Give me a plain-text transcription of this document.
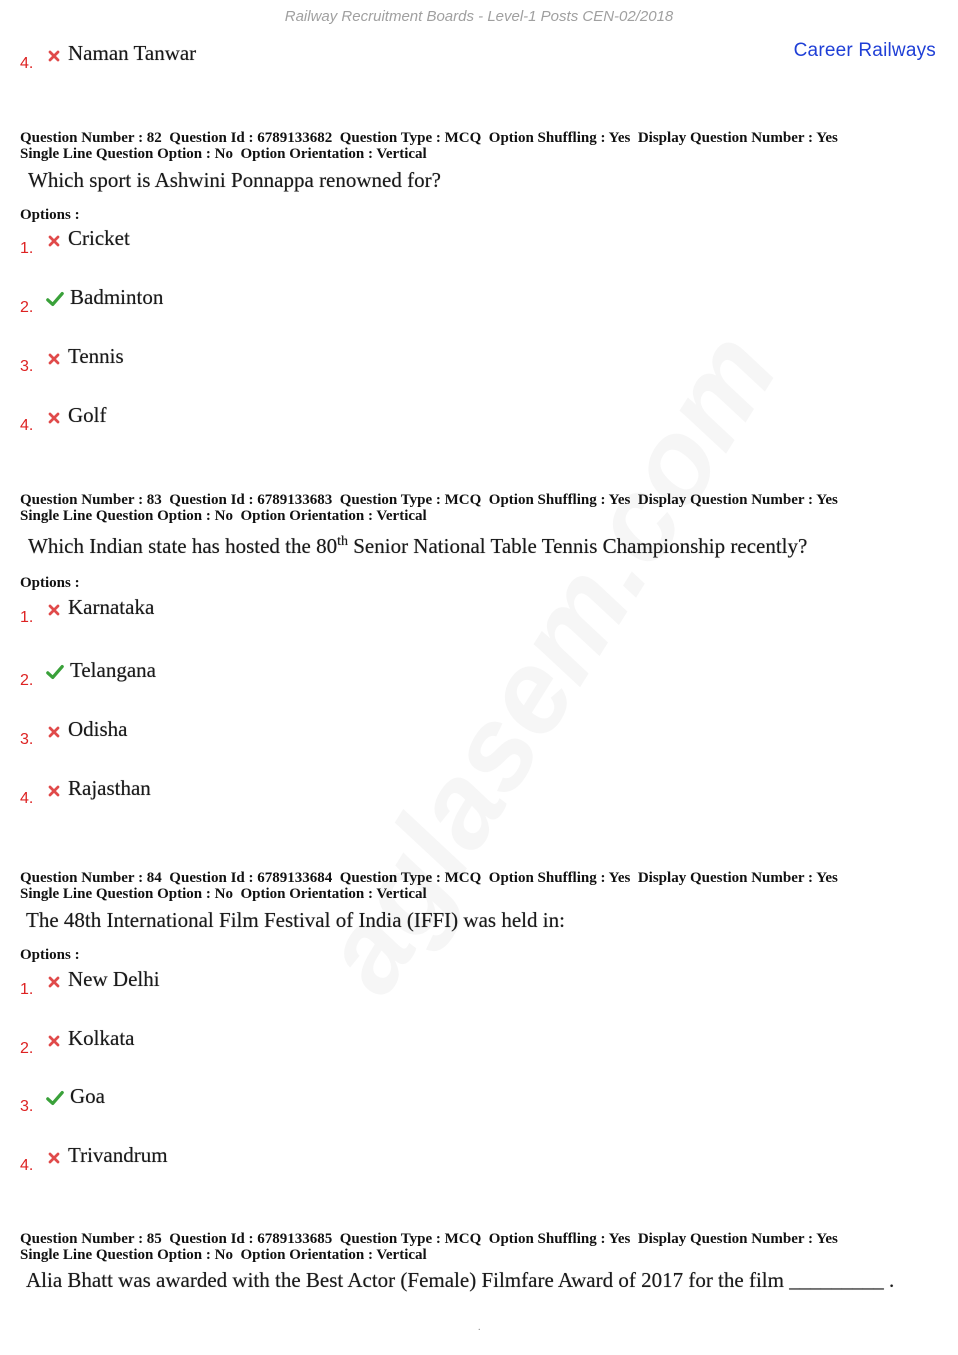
Railway Recruitment Boards - Level-1 Posts CEN-02/2018
Career Railways
4.	Naman Tanwar
Question Number : 82  Question Id : 6789133682  Question Type : MCQ  Option Shuffling : Yes  Display Question Number : Yes
Single Line Question Option : No  Option Orientation : Vertical
Which sport is Ashwini Ponnappa renowned for?
Options :
1.	Cricket
2.	Badminton
3.	Tennis
4.	Golf
Question Number : 83  Question Id : 6789133683  Question Type : MCQ  Option Shuffling : Yes  Display Question Number : Yes
Single Line Question Option : No  Option Orientation : Vertical
Which Indian state has hosted the 80th Senior National Table Tennis Championship recently?
Options :
1.	Karnataka
2.	Telangana
3.	Odisha
4.	Rajasthan
Question Number : 84  Question Id : 6789133684  Question Type : MCQ  Option Shuffling : Yes  Display Question Number : Yes
Single Line Question Option : No  Option Orientation : Vertical
The 48th International Film Festival of India (IFFI) was held in:
Options :
1.	New Delhi
2.	Kolkata
3.	Goa
4.	Trivandrum
Question Number : 85  Question Id : 6789133685  Question Type : MCQ  Option Shuffling : Yes  Display Question Number : Yes
Single Line Question Option : No  Option Orientation : Vertical
Alia Bhatt was awarded with the Best Actor (Female) Filmfare Award of 2017 for the film _________ .
.
